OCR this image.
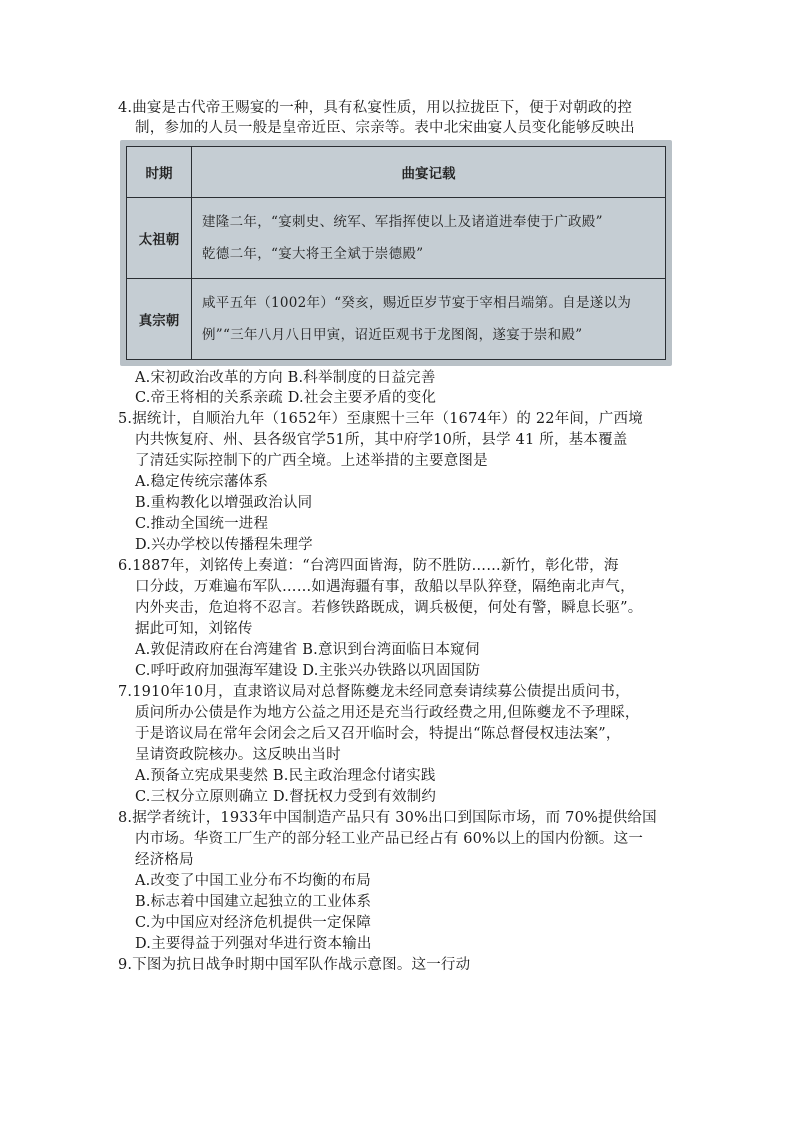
4.曲宴是古代帝王赐宴的一种，具有私宴性质，用以拉拢臣下，便于对朝政的控
制，参加的人员一般是皇帝近臣、宗亲等。表中北宋曲宴人员变化能够反映出
时期	曲宴记载
太祖朝	建隆二年，“宴刺史、统军、军指挥使以上及诸道进奉使于广政殿”
乾德二年，“宴大将王全斌于崇德殿”

真宗朝	咸平五年（1002年）“癸亥，赐近臣岁节宴于宰相吕端第。自是遂以为
例”“三年八月八日甲寅，诏近臣观书于龙图阁，遂宴于崇和殿”
A.宋初政治改革的方向 B.科举制度的日益完善
C.帝王将相的关系亲疏 D.社会主要矛盾的变化
5.据统计，自顺治九年（1652年）至康熙十三年（1674年）的 22年间，广西境
内共恢复府、州、县各级官学51所，其中府学10所，县学 41 所，基本覆盖
了清廷实际控制下的广西全境。上述举措的主要意图是
A.稳定传统宗藩体系
B.重构教化以增强政治认同
C.推动全国统一进程
D.兴办学校以传播程朱理学
6.1887年，刘铭传上奏道：“台湾四面皆海，防不胜防……新竹，彰化带，海
口分歧，万难遍布军队……如遇海疆有事，敌船以旱队猝登，隔绝南北声气，
内外夹击，危迫将不忍言。若修铁路既成，调兵极便，何处有警，瞬息长驱”。
据此可知，刘铭传
A.敦促清政府在台湾建省 B.意识到台湾面临日本窥伺
C.呼吁政府加强海军建设 D.主张兴办铁路以巩固国防
7.1910年10月，直隶谘议局对总督陈夔龙未经同意奏请续募公债提出质问书，
质问所办公债是作为地方公益之用还是充当行政经费之用,但陈夔龙不予理睬，
于是谘议局在常年会闭会之后又召开临时会，特提出“陈总督侵权违法案”，
呈请资政院核办。这反映出当时
A.预备立宪成果斐然 B.民主政治理念付诸实践
C.三权分立原则确立 D.督抚权力受到有效制约
8.据学者统计，1933年中国制造产品只有 30%出口到国际市场，而 70%提供给国
内市场。华资工厂生产的部分轻工业产品已经占有 60%以上的国内份额。这一
经济格局
A.改变了中国工业分布不均衡的布局
B.标志着中国建立起独立的工业体系
C.为中国应对经济危机提供一定保障
D.主要得益于列强对华进行资本输出
9.下图为抗日战争时期中国军队作战示意图。这一行动
